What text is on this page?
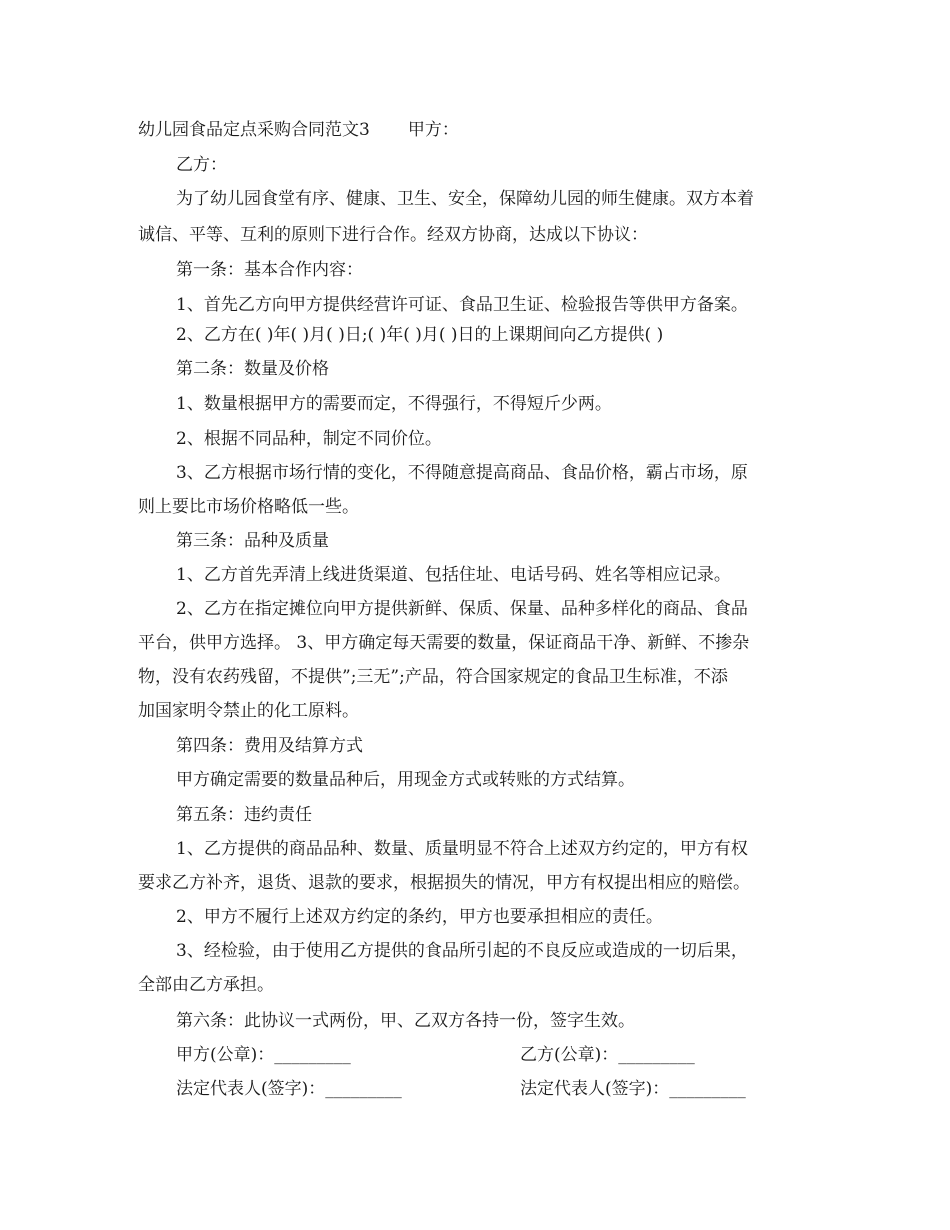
幼儿园食品定点采购合同范文3 甲方：
乙方：
为了幼儿园食堂有序、健康、卫生、安全，保障幼儿园的师生健康。双方本着
诚信、平等、互利的原则下进行合作。经双方协商，达成以下协议：
第一条：基本合作内容：
1、首先乙方向甲方提供经营许可证、食品卫生证、检验报告等供甲方备案。
2、乙方在( )年( )月( )日;( )年( )月( )日的上课期间向乙方提供( )
第二条：数量及价格
1、数量根据甲方的需要而定，不得强行，不得短斤少两。
2、根据不同品种，制定不同价位。
3、乙方根据市场行情的变化，不得随意提高商品、食品价格，霸占市场，原
则上要比市场价格略低一些。
第三条：品种及质量
1、乙方首先弄清上线进货渠道、包括住址、电话号码、姓名等相应记录。
2、乙方在指定摊位向甲方提供新鲜、保质、保量、品种多样化的商品、食品
平台，供甲方选择。 3、甲方确定每天需要的数量，保证商品干净、新鲜、不掺杂
物，没有农药残留，不提供”;三无”;产品，符合国家规定的食品卫生标准，不添
加国家明令禁止的化工原料。
第四条：费用及结算方式
甲方确定需要的数量品种后，用现金方式或转账的方式结算。
第五条：违约责任
1、乙方提供的商品品种、数量、质量明显不符合上述双方约定的，甲方有权
要求乙方补齐，退货、退款的要求，根据损失的情况，甲方有权提出相应的赔偿。
2、甲方不履行上述双方约定的条约，甲方也要承担相应的责任。
3、经检验，由于使用乙方提供的食品所引起的不良反应或造成的一切后果，
全部由乙方承担。
第六条：此协议一式两份，甲、乙双方各持一份，签字生效。
甲方(公章)：_________	乙方(公章)：_________
法定代表人(签字)：_________	法定代表人(签字)：_________
